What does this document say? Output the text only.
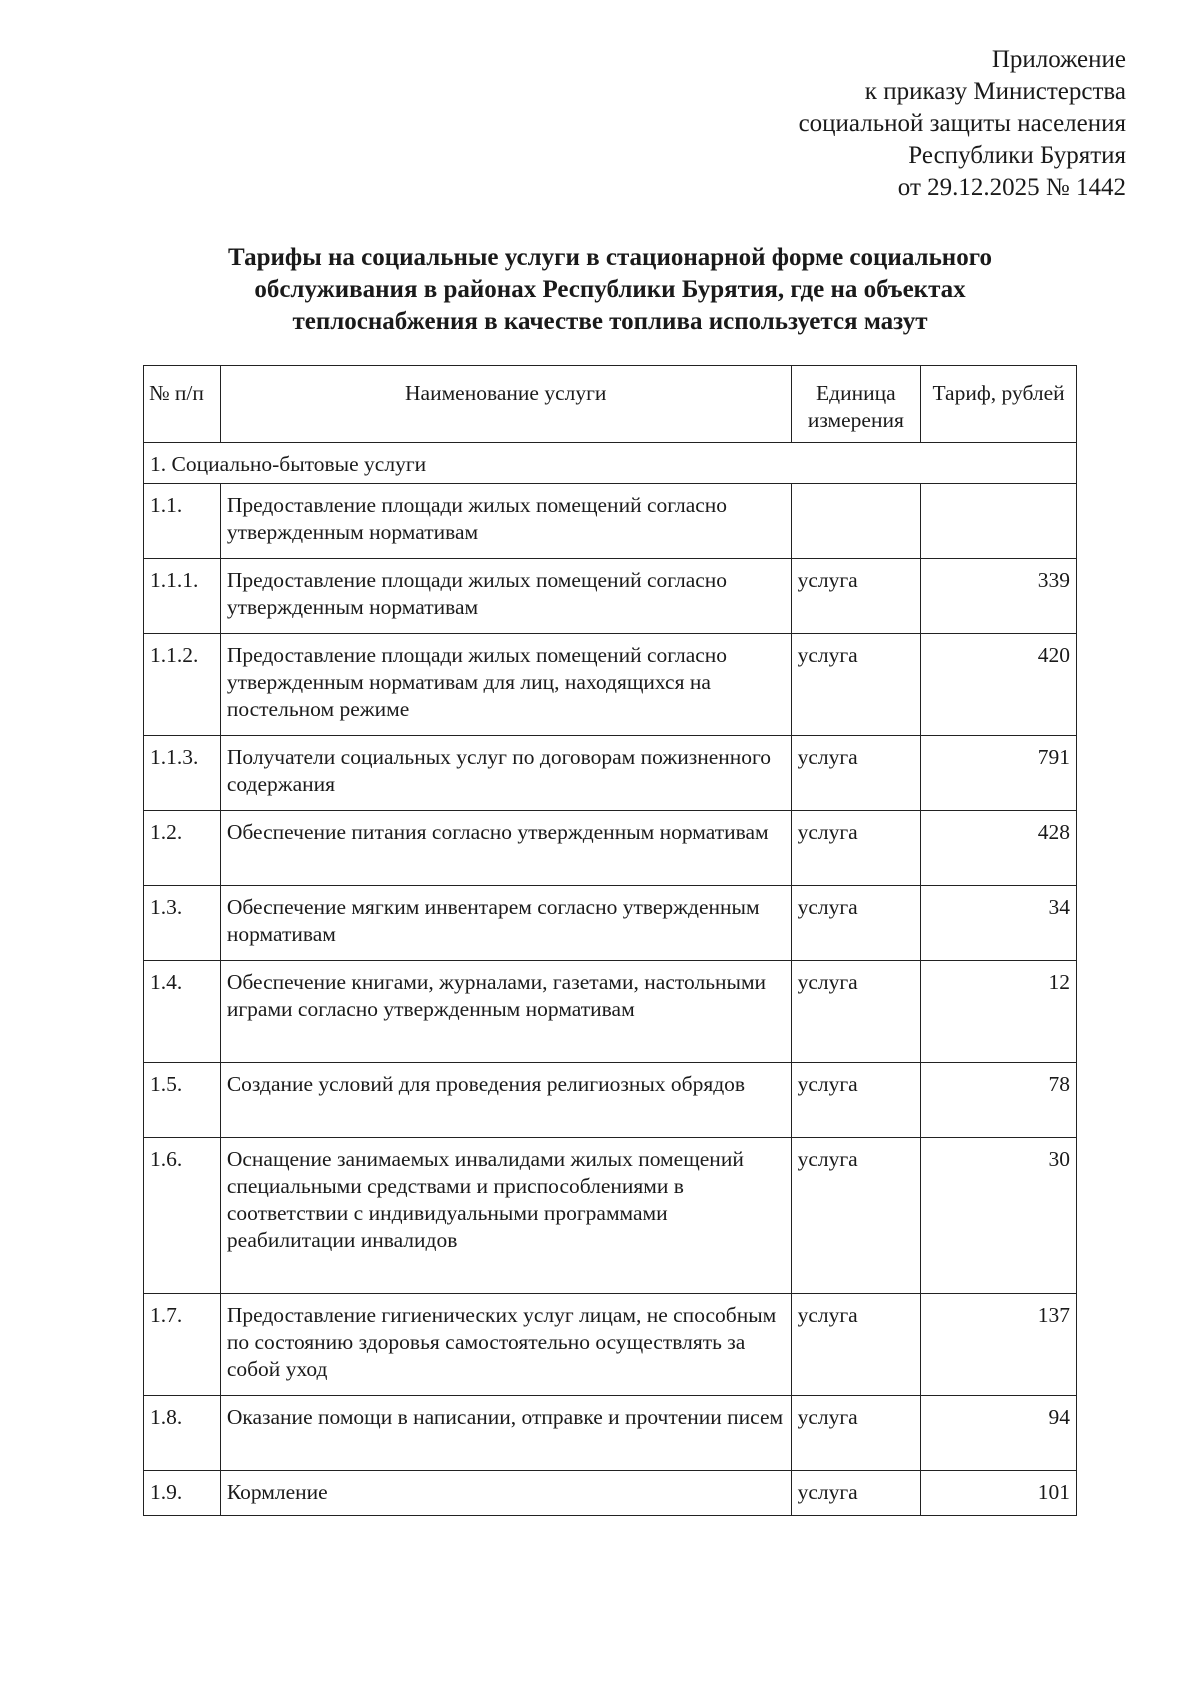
Приложение
к приказу Министерства
социальной защиты населения
Республики Бурятия
от 29.12.2025 № 1442
Тарифы на социальные услуги в стационарной форме социального
обслуживания в районах Республики Бурятия, где на объектах
теплоснабжения в качестве топлива используется мазут
№ п/п	Наименование услуги	Единица измерения	Тариф, рублей
1. Социально-бытовые услуги			
1.1.	Предоставление площади жилых помещений согласно утвержденным нормативам		
1.1.1.	Предоставление площади жилых помещений согласно утвержденным нормативам	услуга	339
1.1.2.	Предоставление площади жилых помещений согласно утвержденным нормативам для лиц, находящихся на постельном режиме	услуга	420
1.1.3.	Получатели социальных услуг по договорам пожизненного содержания	услуга	791
1.2.	Обеспечение питания согласно утвержденным нормативам	услуга	428
1.3.	Обеспечение мягким инвентарем согласно утвержденным нормативам	услуга	34
1.4.	Обеспечение книгами, журналами, газетами, настольными играми согласно утвержденным нормативам	услуга	12
1.5.	Создание условий для проведения религиозных обрядов	услуга	78
1.6.	Оснащение занимаемых инвалидами жилых помещений специальными средствами и приспособлениями в соответствии с индивидуальными программами реабилитации инвалидов	услуга	30
1.7.	Предоставление гигиенических услуг лицам, не способным по состоянию здоровья самостоятельно осуществлять за собой уход	услуга	137
1.8.	Оказание помощи в написании, отправке и прочтении писем	услуга	94
1.9.	Кормление	услуга	101
